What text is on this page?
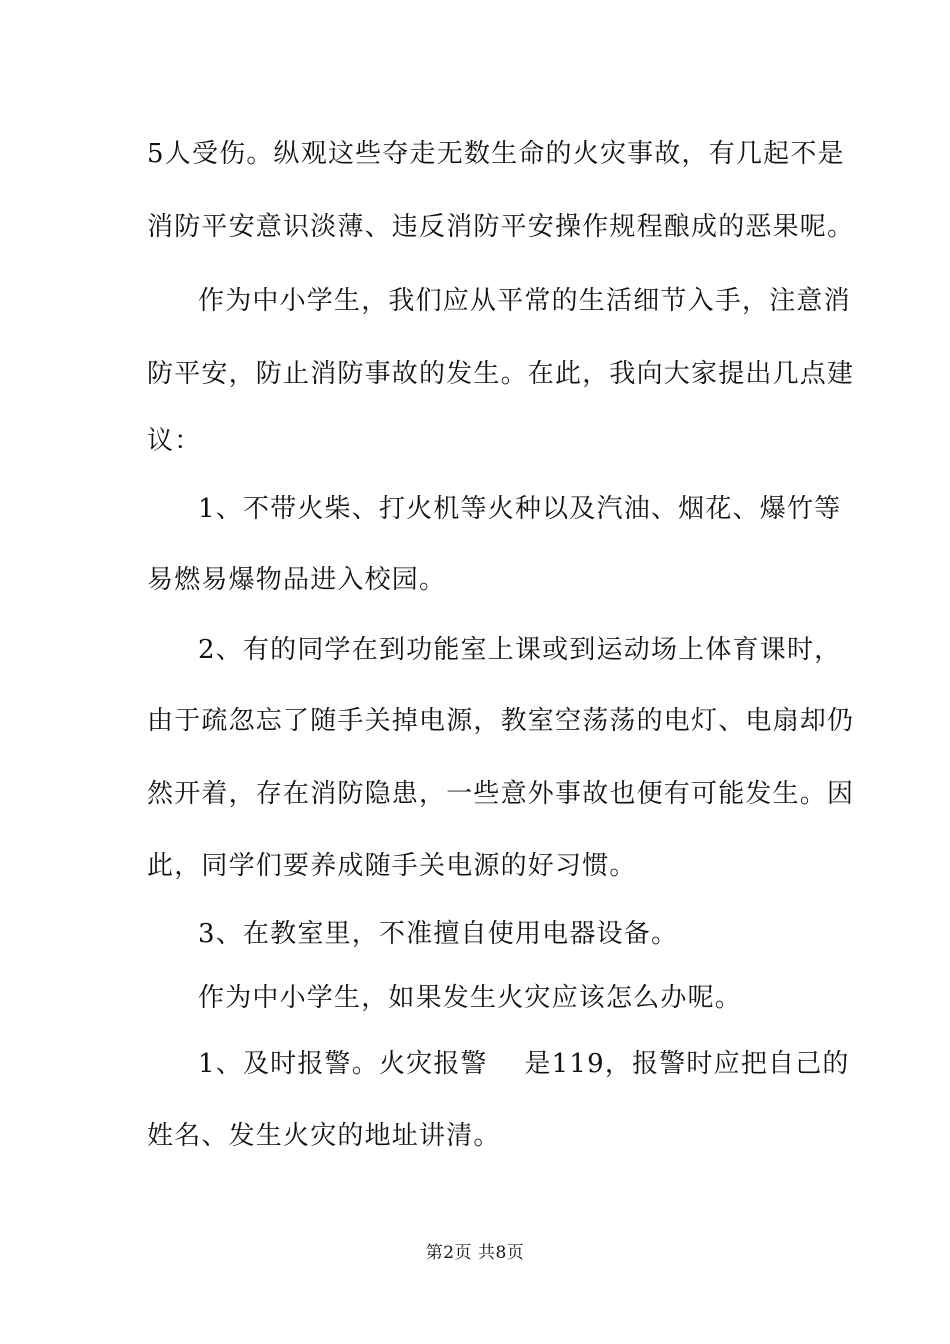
5人受伤。纵观这些夺走无数生命的火灾事故，有几起不是
消防平安意识淡薄、违反消防平安操作规程酿成的恶果呢。
作为中小学生，我们应从平常的生活细节入手，注意消
防平安，防止消防事故的发生。在此，我向大家提出几点建
议：
1、不带火柴、打火机等火种以及汽油、烟花、爆竹等
易燃易爆物品进入校园。
2、有的同学在到功能室上课或到运动场上体育课时，
由于疏忽忘了随手关掉电源，教室空荡荡的电灯、电扇却仍
然开着，存在消防隐患，一些意外事故也便有可能发生。因
此，同学们要养成随手关电源的好习惯。
3、在教室里，不准擅自使用电器设备。
作为中小学生，如果发生火灾应该怎么办呢。
1、及时报警。火灾报警　 是119，报警时应把自己的
姓名、发生火灾的地址讲清。
第2页 共8页
